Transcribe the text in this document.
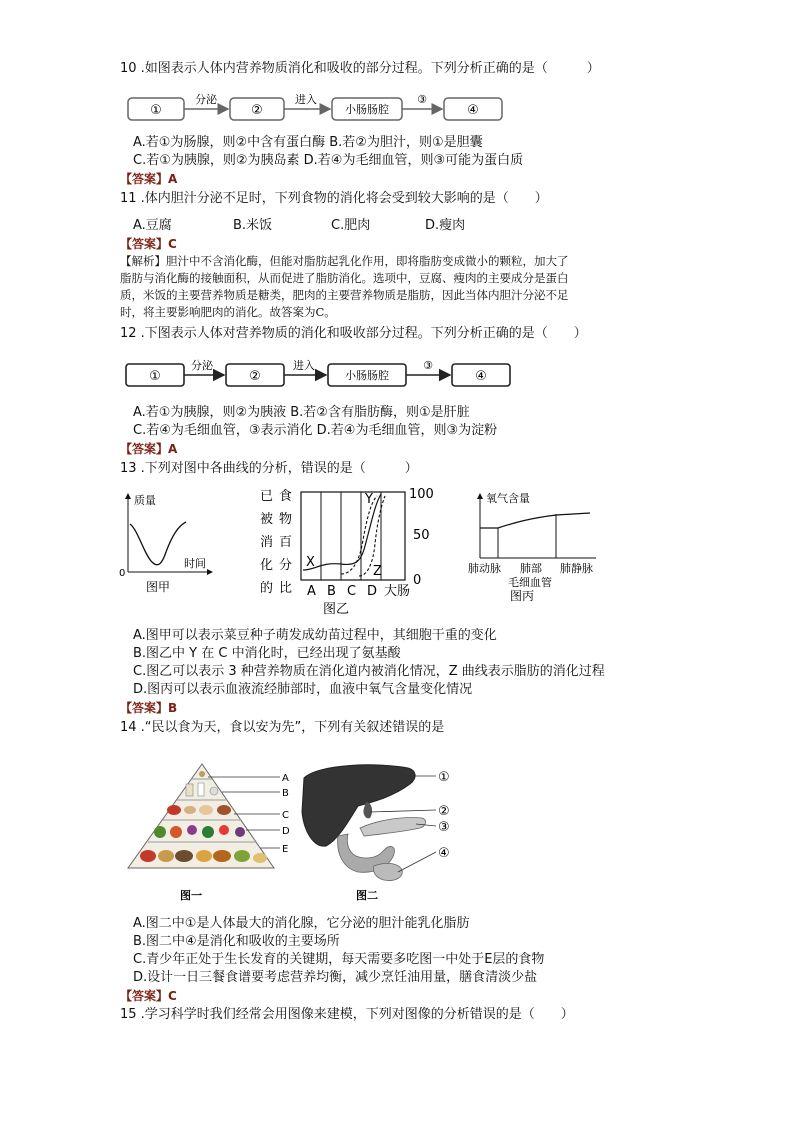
10 .如图表示人体内营养物质消化和吸收的部分过程。下列分析正确的是（　　　）
①
分泌
②
进入
小肠肠腔
③
④
A.若①为肠腺，则②中含有蛋白酶 B.若②为胆汁，则①是胆囊
C.若①为胰腺，则②为胰岛素 D.若④为毛细血管，则③可能为蛋白质
【答案】A
11 .体内胆汁分泌不足时，下列食物的消化将会受到较大影响的是（　　）
A.豆腐	B.米饭	C.肥肉	D.瘦肉
【答案】C
【解析】胆汁中不含消化酶，但能对脂肪起乳化作用，即将脂肪变成微小的颗粒，加大了
脂肪与消化酶的接触面积，从而促进了脂肪消化。选项中，豆腐、瘦肉的主要成分是蛋白
质，米饭的主要营养物质是糖类，肥肉的主要营养物质是脂肪，因此当体内胆汁分泌不足
时，将主要影响肥肉的消化。故答案为C。
12 .下图表示人体对营养物质的消化和吸收部分过程。下列分析正确的是（　　）
①
分泌
②
进入
小肠肠腔
③
④
A.若①为胰腺，则②为胰液 B.若②含有脂肪酶，则①是肝脏
C.若④为毛细血管，③表示消化 D.若④为毛细血管，则③为淀粉
【答案】A
13 .下列对图中各曲线的分析，错误的是（　　　）
质量
时间
0
图甲
已
被
消
化
的
食
物
百
分
比
100
50
0
X
Y
Z
A B C D 大肠
图乙
氧气含量
肺动脉 肺部
毛细血管
肺静脉
图丙
A.图甲可以表示菜豆种子萌发成幼苗过程中，其细胞干重的变化
B.图乙中 Y 在 C 中消化时，已经出现了氨基酸
C.图乙可以表示 3 种营养物质在消化道内被消化情况，Z 曲线表示脂肪的消化过程
D.图丙可以表示血液流经肺部时，血液中氧气含量变化情况
【答案】B
14 .“民以食为天，食以安为先”，下列有关叙述错误的是
A
B
C
D
E
图一
①
②
③
④
图二
A.图二中①是人体最大的消化腺，它分泌的胆汁能乳化脂肪
B.图二中④是消化和吸收的主要场所
C.青少年正处于生长发育的关键期，每天需要多吃图一中处于E层的食物
D.设计一日三餐食谱要考虑营养均衡，减少烹饪油用量，膳食清淡少盐
【答案】C
15 .学习科学时我们经常会用图像来建模，下列对图像的分析错误的是（　　）
